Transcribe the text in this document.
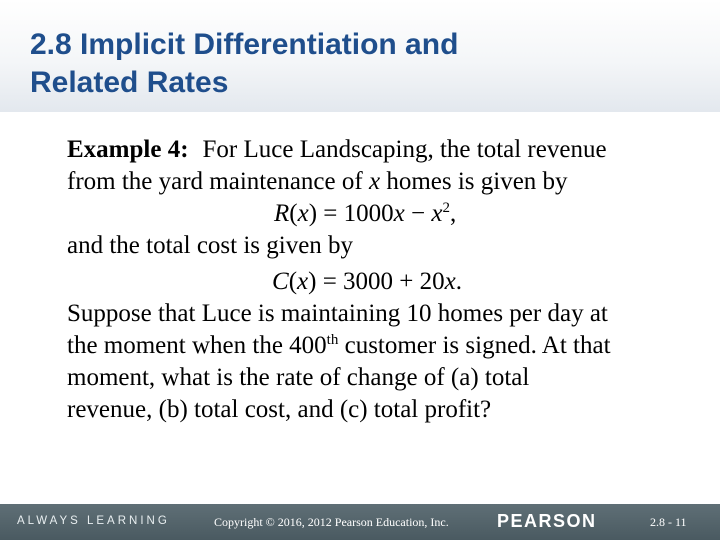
2.8 Implicit Differentiation and
Related Rates
Example 4: For Luce Landscaping, the total revenue
from the yard maintenance of x homes is given by
$R(x) = 1000x - x^2$,
and the total cost is given by
C(x) = 3000 + 20x.
Suppose that Luce is maintaining 10 homes per day at
the moment when the 400th customer is signed. At that
moment, what is the rate of change of (a) total
revenue, (b) total cost, and (c) total profit?
ALWAYS LEARNING	Copyright © 2016, 2012 Pearson Education, Inc.	PEARSON	2.8 - 11
